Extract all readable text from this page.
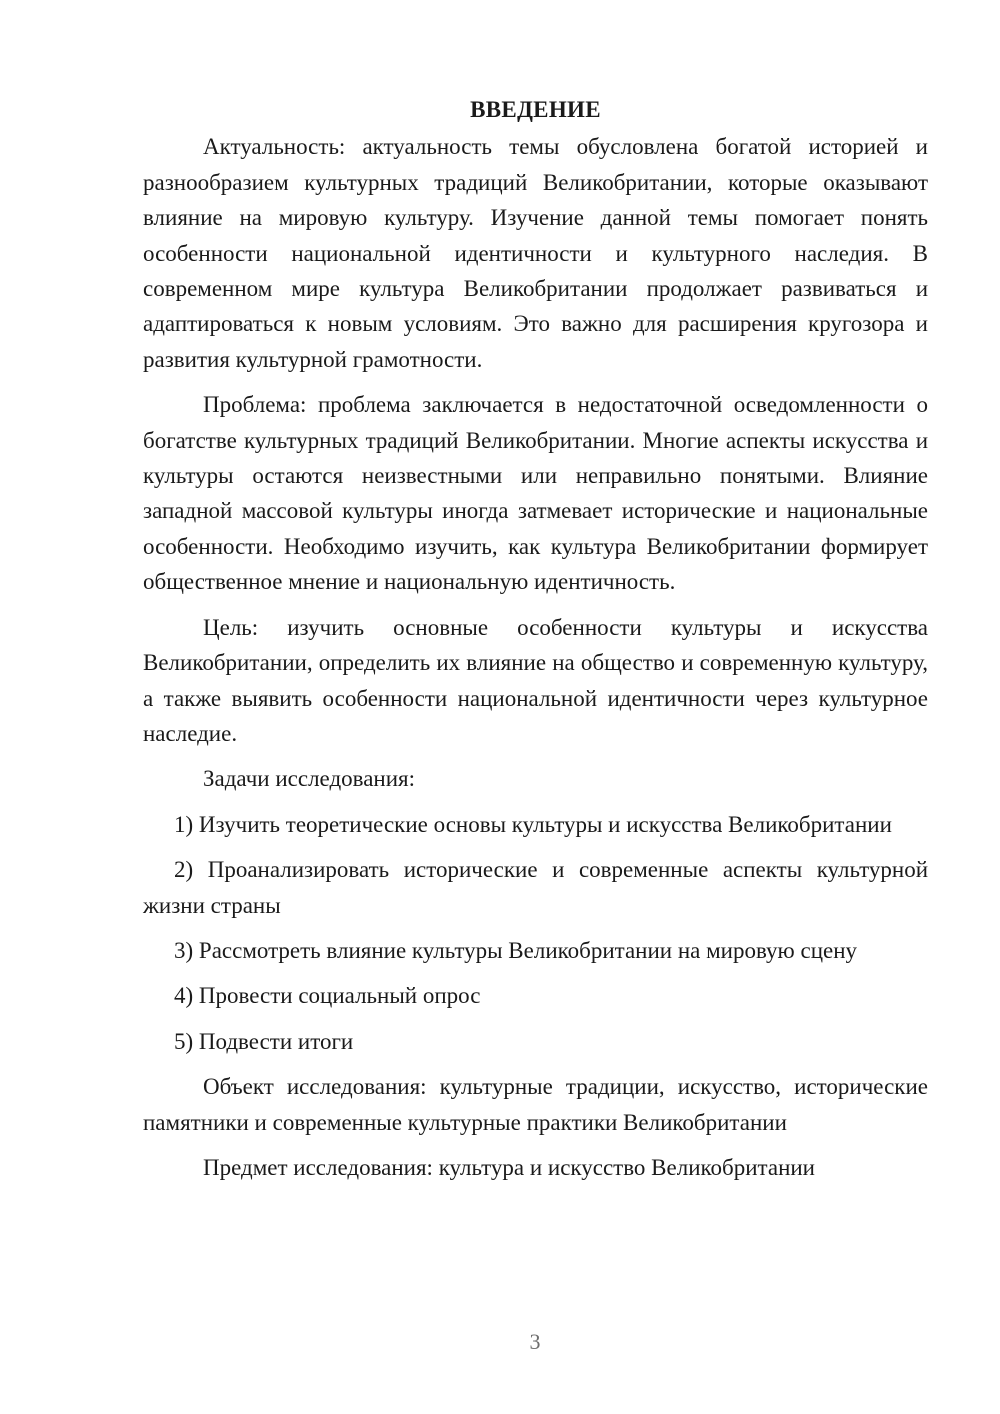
ВВЕДЕНИЕ

Актуальность: актуальность темы обусловлена богатой историей и разнообразием культурных традиций Великобритании, которые оказывают влияние на мировую культуру. Изучение данной темы помогает понять особенности национальной идентичности и культурного наследия. В современном мире культура Великобритании продолжает развиваться и адаптироваться к новым условиям. Это важно для расширения кругозора и развития культурной грамотности.

Проблема: проблема заключается в недостаточной осведомленности о богатстве культурных традиций Великобритании. Многие аспекты искусства и культуры остаются неизвестными или неправильно понятыми. Влияние западной массовой культуры иногда затмевает исторические и национальные особенности. Необходимо изучить, как культура Великобритании формирует общественное мнение и национальную идентичность.

Цель: изучить основные особенности культуры и искусства Великобритании, определить их влияние на общество и современную культуру, а также выявить особенности национальной идентичности через культурное наследие.

Задачи исследования:

1) Изучить теоретические основы культуры и искусства Великобритании

2) Проанализировать исторические и современные аспекты культурной жизни страны

3) Рассмотреть влияние культуры Великобритании на мировую сцену

4) Провести социальный опрос

5) Подвести итоги

Объект исследования: культурные традиции, искусство, исторические памятники и современные культурные практики Великобритании

Предмет исследования: культура и искусство Великобритании

3
